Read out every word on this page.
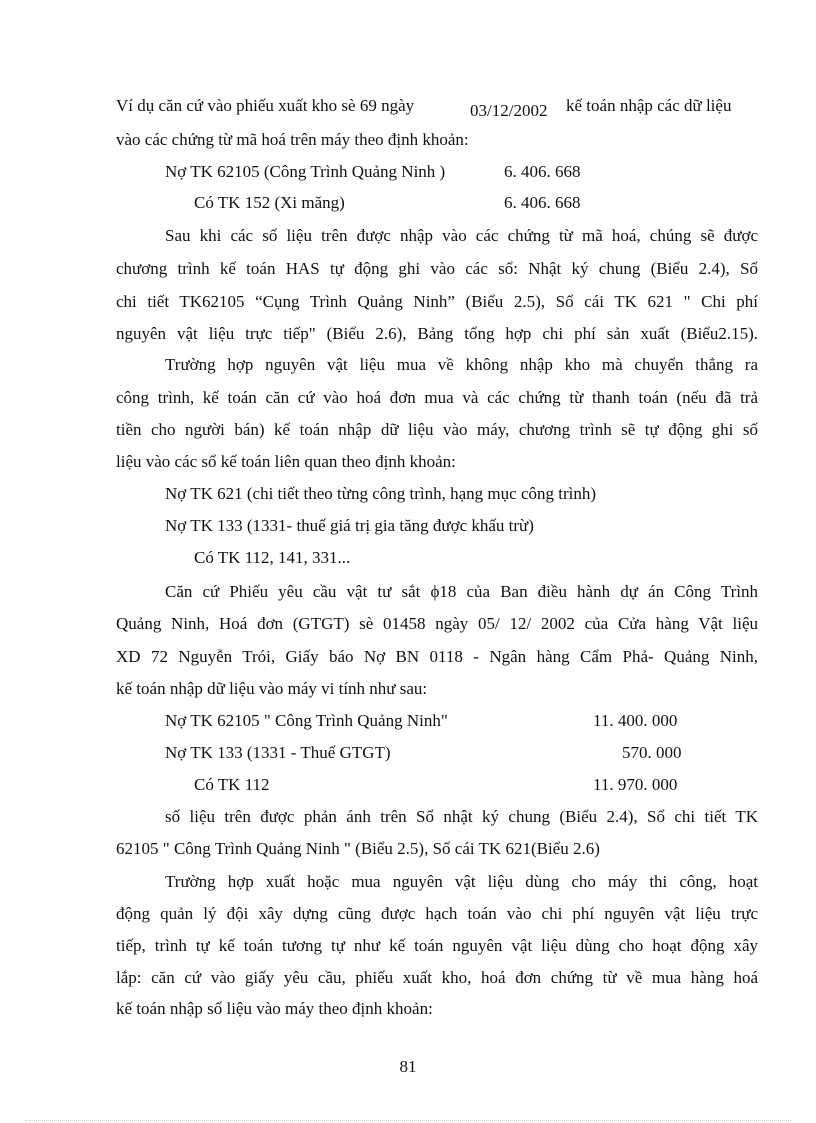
Ví dụ căn cứ vào phiếu xuất kho sè 69 ngày	03/12/2002 kế toán nhập các dữ liệu
vào các chứng từ mã hoá trên máy theo định khoản:
Nợ TK 62105 (Công Trình Quảng Ninh )	6. 406. 668
Có TK 152 (Xi măng)	6. 406. 668
Sau khi các số liệu trên được nhập vào các chứng từ mã hoá, chúng sẽ được
chương trình kế toán HAS tự động ghi vào các sổ: Nhật ký chung (Biểu 2.4), Sổ
chi tiết TK62105 “Cụng Trình Quảng Ninh” (Biểu 2.5), Sổ cái TK 621 " Chi phí
nguyên vật liệu trực tiếp" (Biểu 2.6), Bảng tổng hợp chi phí sản xuất (Biểu2.15).
Trường hợp nguyên vật liệu mua về không nhập kho mà chuyển thẳng ra
công trình, kế toán căn cứ vào hoá đơn mua và các chứng từ thanh toán (nếu đã trả
tiền cho người bán) kế toán nhập dữ liệu vào máy, chương trình sẽ tự động ghi số
liệu vào các sổ kế toán liên quan theo định khoản:
Nợ TK 621 (chi tiết theo từng công trình, hạng mục công trình)
Nợ TK 133 (1331- thuế giá trị gia tăng được khấu trừ)
Có TK 112, 141, 331...
Căn cứ Phiếu yêu cầu vật tư sắt ϕ18 của Ban điều hành dự án Công Trình
Quảng Ninh, Hoá đơn (GTGT) sè 01458 ngày 05/ 12/ 2002 của Cửa hàng Vật liệu
XD 72 Nguyễn Trói, Giấy báo Nợ BN 0118 - Ngân hàng Cẩm Phả- Quảng Ninh,
kế toán nhập dữ liệu vào máy vi tính như sau:
Nợ TK 62105 " Công Trình Quảng Ninh"	11. 400. 000
Nợ TK 133 (1331 - Thuế GTGT)	570. 000
Có TK 112	11. 970. 000
số liệu trên được phản ánh trên Sổ nhật ký chung (Biểu 2.4), Sổ chi tiết TK
62105 " Công Trình Quảng Ninh " (Biểu 2.5), Sổ cái TK 621(Biểu 2.6)
Trường hợp xuất hoặc mua nguyên vật liệu dùng cho máy thi công, hoạt
động quản lý đội xây dựng cũng được hạch toán vào chi phí nguyên vật liệu trực
tiếp, trình tự kế toán tương tự như kế toán nguyên vật liệu dùng cho hoạt động xây
lắp: căn cứ vào giấy yêu cầu, phiếu xuất kho, hoá đơn chứng từ về mua hàng hoá
kế toán nhập số liệu vào máy theo định khoản:
81
